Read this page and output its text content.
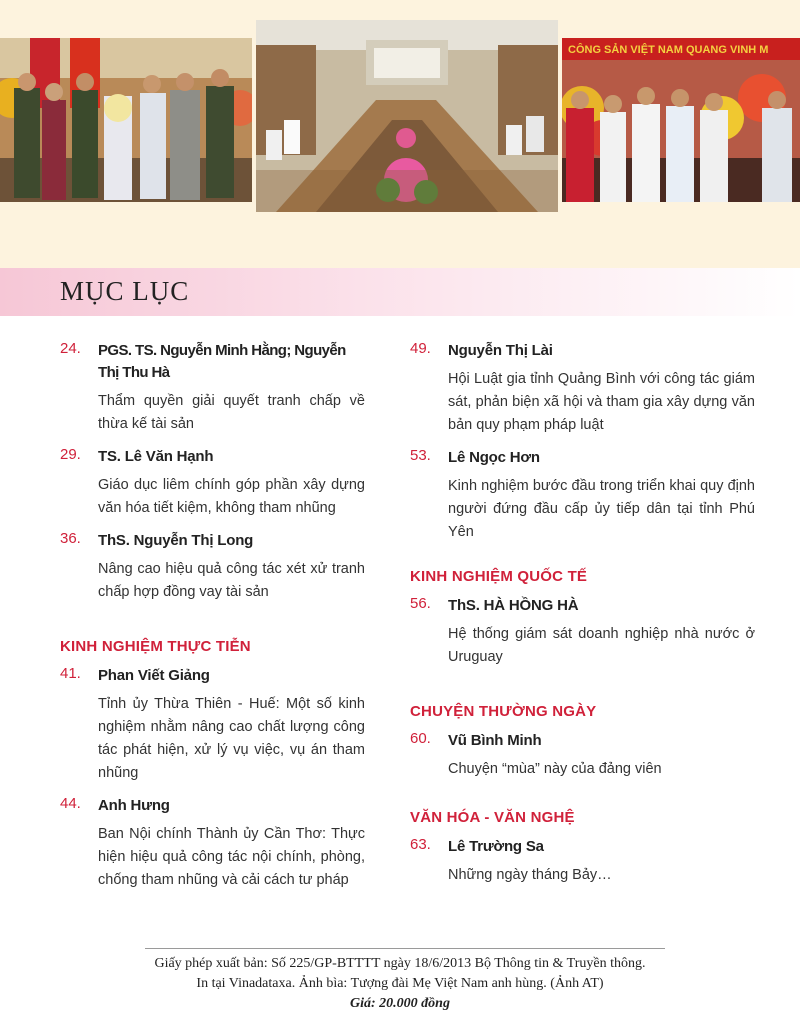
CÔNG SẢN VIỆT NAM QUANG VINH M
MỤC LỤC
24. PGS. TS. Nguyễn Minh Hằng; Nguyễn Thị Thu Hà
Thẩm quyền giải quyết tranh chấp về thừa kế tài sản
29. TS. Lê Văn Hạnh
Giáo dục liêm chính góp phần xây dựng văn hóa tiết kiệm, không tham nhũng
36. ThS. Nguyễn Thị Long
Nâng cao hiệu quả công tác xét xử tranh chấp hợp đồng vay tài sản
KINH NGHIỆM THỰC TIỄN
41. Phan Viết Giảng
Tỉnh ủy Thừa Thiên - Huế: Một số kinh nghiệm nhằm nâng cao chất lượng công tác phát hiện, xử lý vụ việc, vụ án tham nhũng
44. Anh Hưng
Ban Nội chính Thành ủy Cần Thơ: Thực hiện hiệu quả công tác nội chính, phòng, chống tham nhũng và cải cách tư pháp
49. Nguyễn Thị Lài
Hội Luật gia tỉnh Quảng Bình với công tác giám sát, phản biện xã hội và tham gia xây dựng văn bản quy phạm pháp luật
53. Lê Ngọc Hơn
Kinh nghiệm bước đầu trong triển khai quy định người đứng đầu cấp ủy tiếp dân tại tỉnh Phú Yên
KINH NGHIỆM QUỐC TẾ
56. ThS. HÀ HỒNG HÀ
Hệ thống giám sát doanh nghiệp nhà nước ở Uruguay
CHUYỆN THƯỜNG NGÀY
60. Vũ Bình Minh
Chuyện “mùa” này của đảng viên
VĂN HÓA - VĂN NGHỆ
63. Lê Trường Sa
Những ngày tháng Bảy…
Giấy phép xuất bản: Số 225/GP-BTTTT ngày 18/6/2013 Bộ Thông tin & Truyền thông.
In tại Vinadataxa. Ảnh bìa: Tượng đài Mẹ Việt Nam anh hùng. (Ảnh AT)
Giá: 20.000 đồng
